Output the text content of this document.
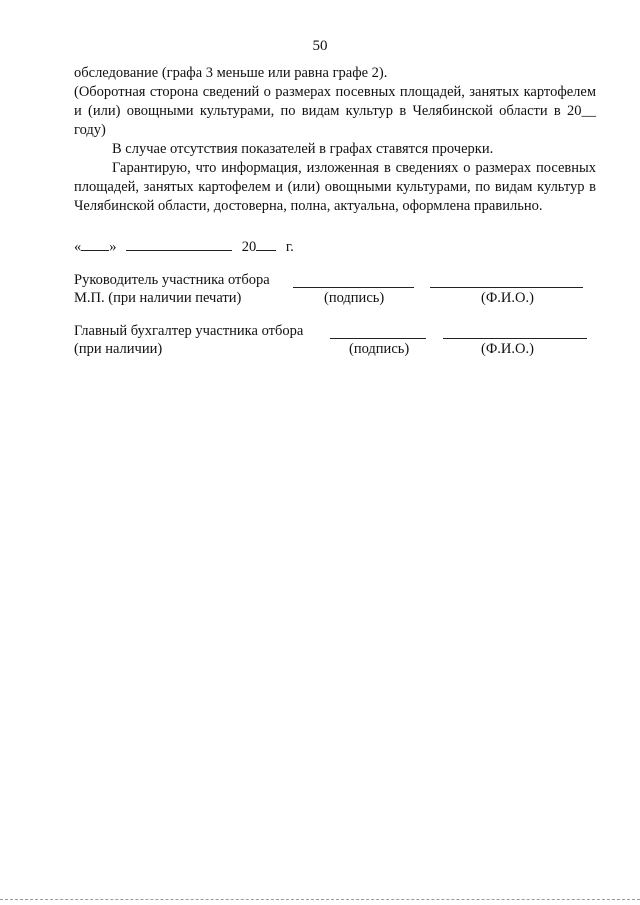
50

обследование (графа 3 меньше или равна графе 2).

(Оборотная сторона сведений о размерах посевных площадей, занятых картофелем и (или) овощными культурами, по видам культур в Челябинской области в 20__ году)

В случае отсутствия показателей в графах ставятся прочерки.

Гарантирую, что информация, изложенная в сведениях о размерах посевных площадей, занятых картофелем и (или) овощными культурами, по видам культур в Челябинской области, достоверна, полна, актуальна, оформлена правильно.

« »	20 г.
Руководитель участника отбора
М.П. (при наличии печати)	(подпись)	(Ф.И.О.)
Главный бухгалтер участника отбора
(при наличии)	(подпись)	(Ф.И.О.)
